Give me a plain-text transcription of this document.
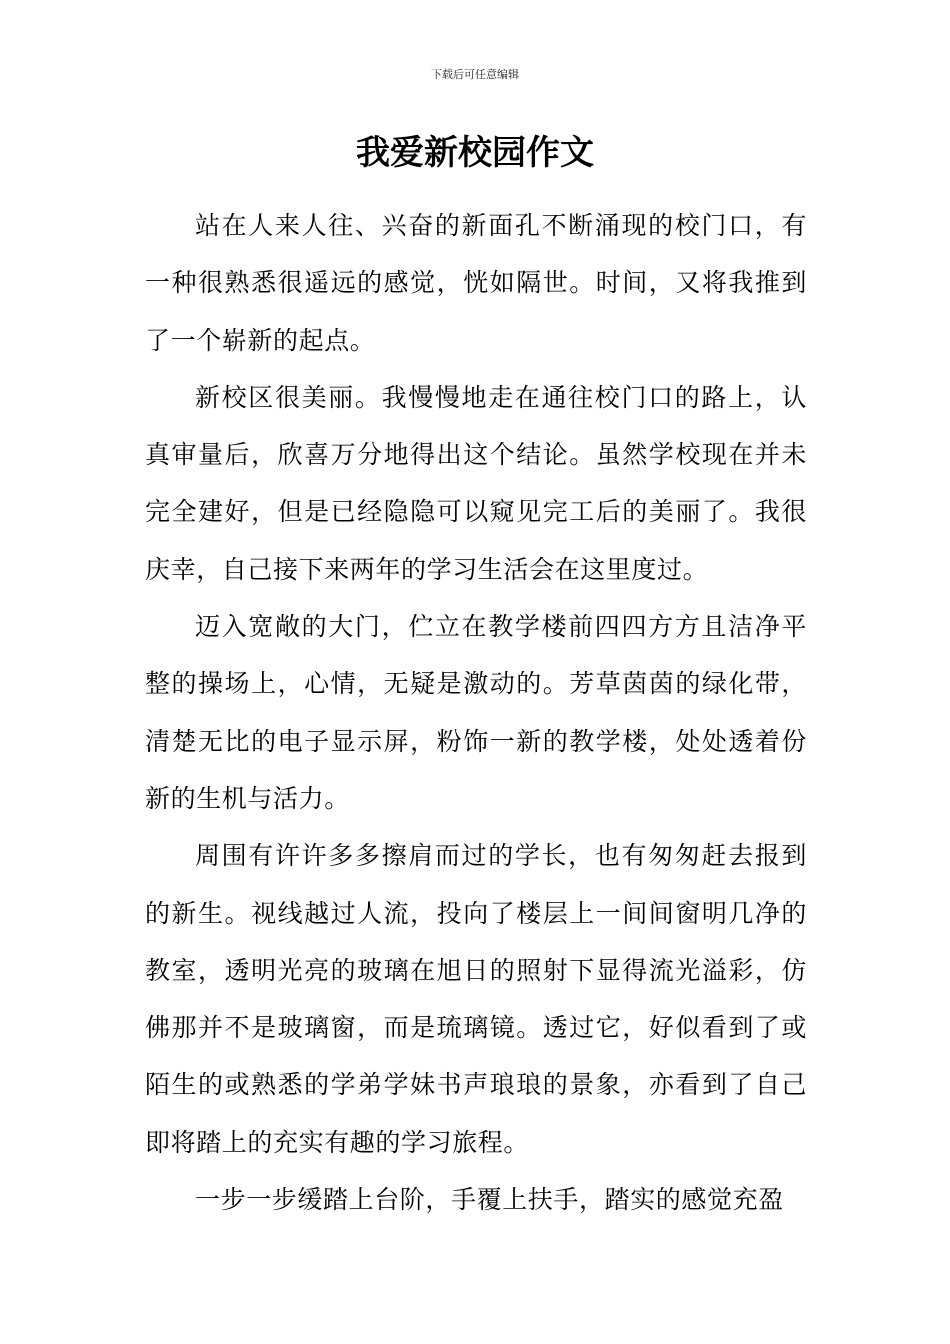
下载后可任意编辑
我爱新校园作文

站在人来人往、兴奋的新面孔不断涌现的校门口，有一种很熟悉很遥远的感觉，恍如隔世。时间，又将我推到了一个崭新的起点。

新校区很美丽。我慢慢地走在通往校门口的路上，认真审量后，欣喜万分地得出这个结论。虽然学校现在并未完全建好，但是已经隐隐可以窥见完工后的美丽了。我很庆幸，自己接下来两年的学习生活会在这里度过。

迈入宽敞的大门，伫立在教学楼前四四方方且洁净平整的操场上，心情，无疑是激动的。芳草茵茵的绿化带，清楚无比的电子显示屏，粉饰一新的教学楼，处处透着份新的生机与活力。

周围有许许多多擦肩而过的学长，也有匆匆赶去报到的新生。视线越过人流，投向了楼层上一间间窗明几净的教室，透明光亮的玻璃在旭日的照射下显得流光溢彩，仿佛那并不是玻璃窗，而是琉璃镜。透过它，好似看到了或陌生的或熟悉的学弟学妹书声琅琅的景象，亦看到了自己即将踏上的充实有趣的学习旅程。

一步一步缓踏上台阶，手覆上扶手，踏实的感觉充盈
